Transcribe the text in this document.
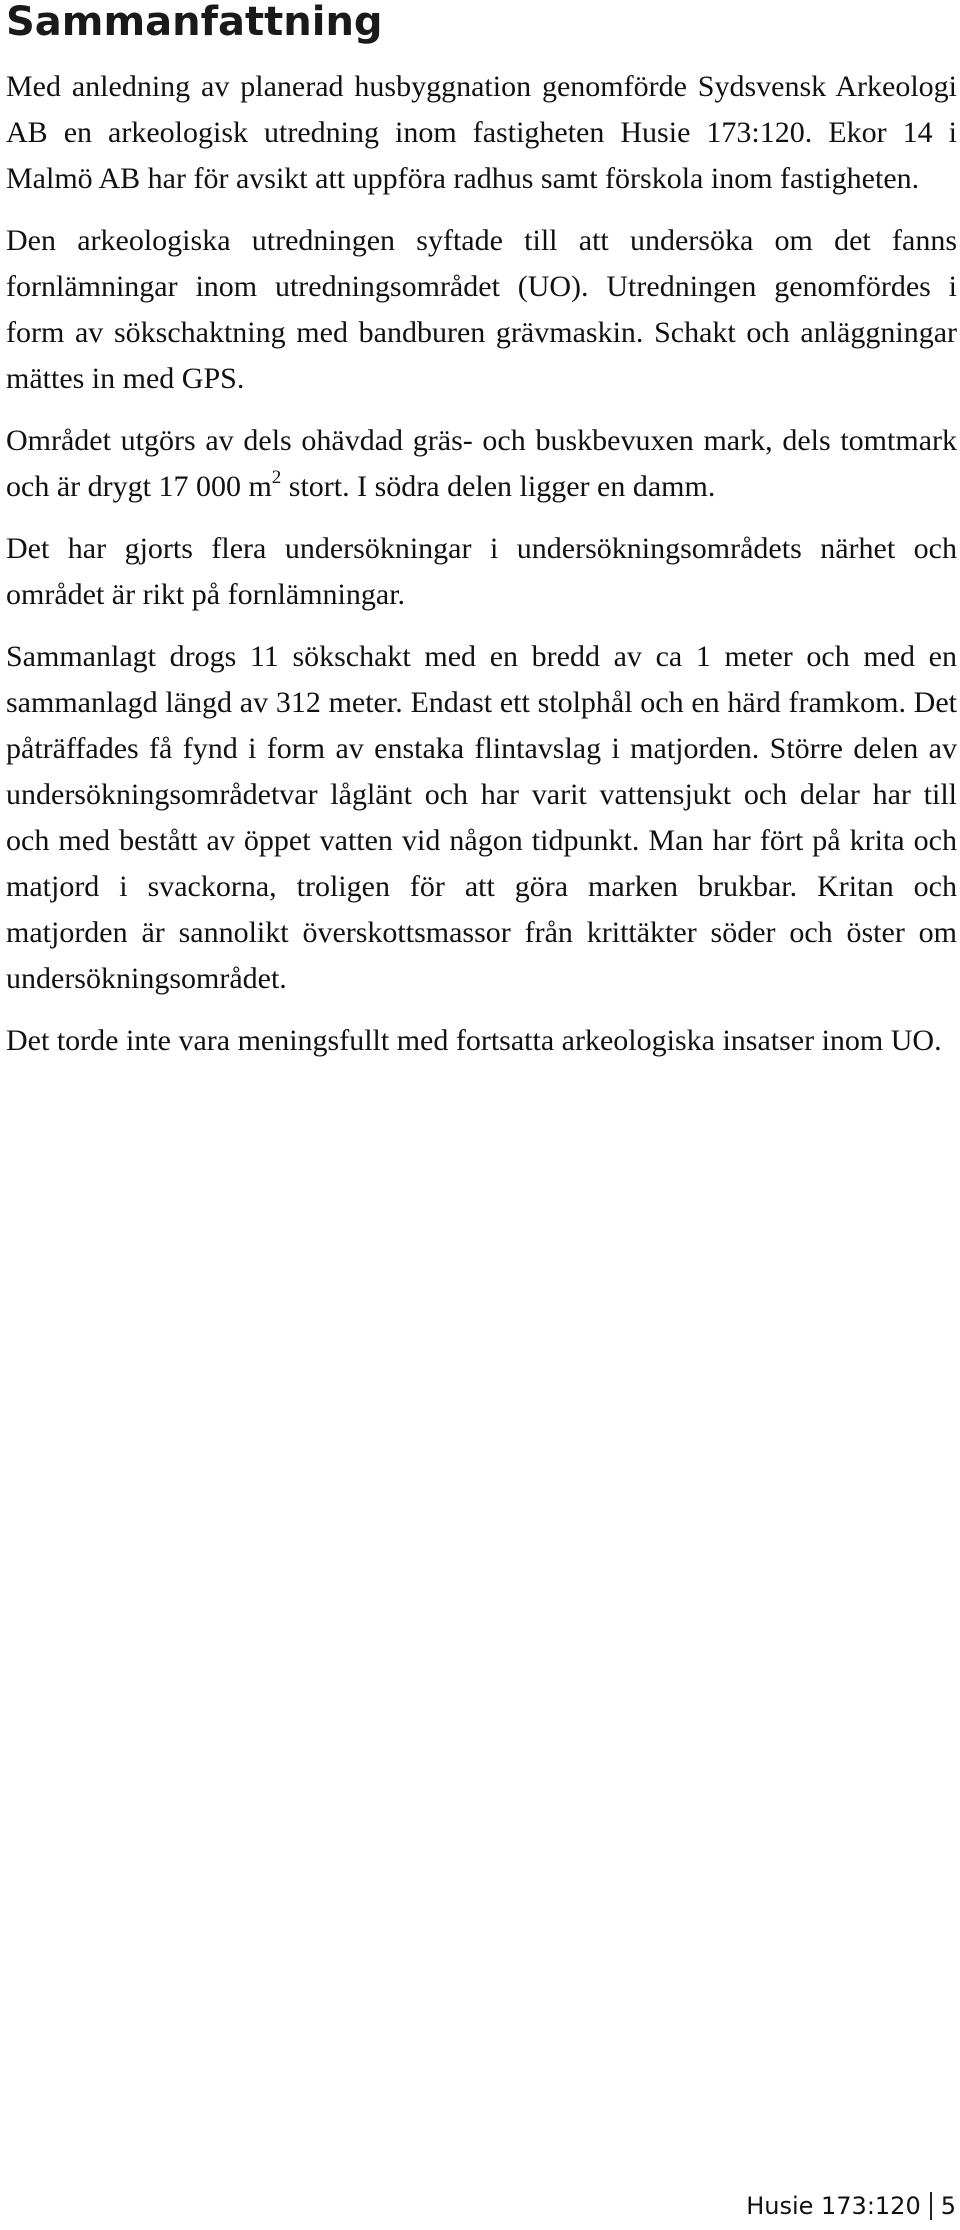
Sammanfattning

Med anledning av planerad husbyggnation genomförde Sydsvensk Arkeologi AB en arkeologisk utredning inom fastigheten Husie 173:120. Ekor 14 i Malmö AB har för avsikt att uppföra radhus samt förskola inom fastigheten.

Den arkeologiska utredningen syftade till att undersöka om det fanns fornlämningar inom utredningsområdet (UO). Utredningen genomfördes i form av sökschaktning med bandburen grävmaskin. Schakt och anläggningar mättes in med GPS.

Området utgörs av dels ohävdad gräs- och buskbevuxen mark, dels tomtmark och är drygt 17 000 $m^2$ stort. I södra delen ligger en damm.

Det har gjorts flera undersökningar i undersökningsområdets närhet och området är rikt på fornlämningar.

Sammanlagt drogs 11 sökschakt med en bredd av ca 1 meter och med en sammanlagd längd av 312 meter. Endast ett stolphål och en härd framkom. Det påträffades få fynd i form av enstaka flintavslag i matjorden. Större delen av undersökningsområdetvar låglänt och har varit vattensjukt och delar har till och med bestått av öppet vatten vid någon tidpunkt. Man har fört på krita och matjord i svackorna, troligen för att göra marken brukbar. Kritan och matjorden är sannolikt överskottsmassor från krittäkter söder och öster om undersökningsområdet.

Det torde inte vara meningsfullt med fortsatta arkeologiska insatser inom UO.

Husie 173:120 5
